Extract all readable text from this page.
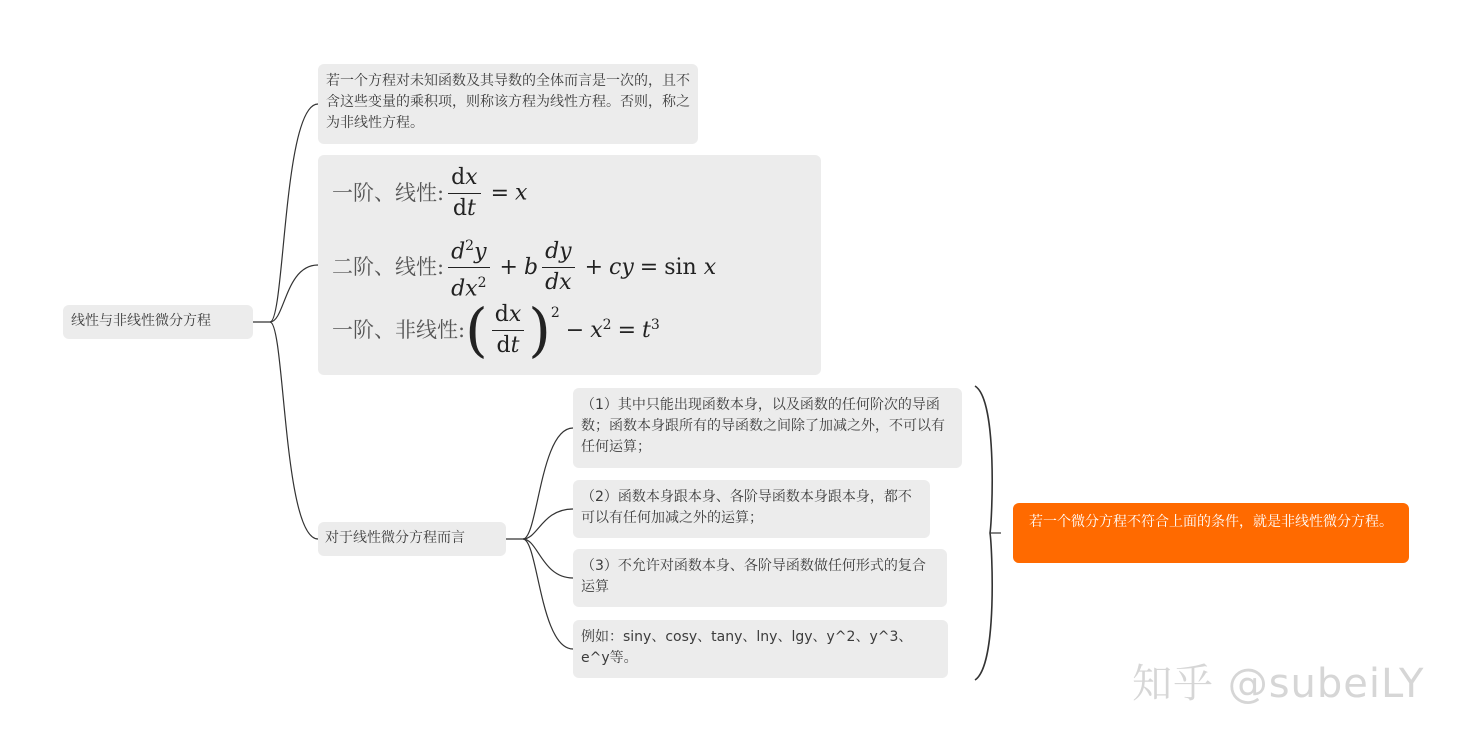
线性与非线性微分方程
若一个方程对未知函数及其导数的全体而言是一次的，且不含这些变量的乘积项，则称该方程为线性方程。否则，称之为非线性方程。
一阶、线性: $\frac{dx}{dt} = x$
二阶、线性: $\frac{d^2y}{dx^2} + b \frac{dy}{dx}$ + cy = sin x
一阶、非线性: ( $\frac{dx}{dt} )^2$
− $x^2 = t^3$
对于线性微分方程而言
（1）其中只能出现函数本身，以及函数的任何阶次的导函数；函数本身跟所有的导函数之间除了加减之外，不可以有任何运算；
（2）函数本身跟本身、各阶导函数本身跟本身，都不可以有任何加减之外的运算；
（3）不允许对函数本身、各阶导函数做任何形式的复合运算
例如：siny、cosy、tany、lny、lgy、y^2、y^3、e^y等。
若一个微分方程不符合上面的条件，就是非线性微分方程。
知乎 @subeiLY
